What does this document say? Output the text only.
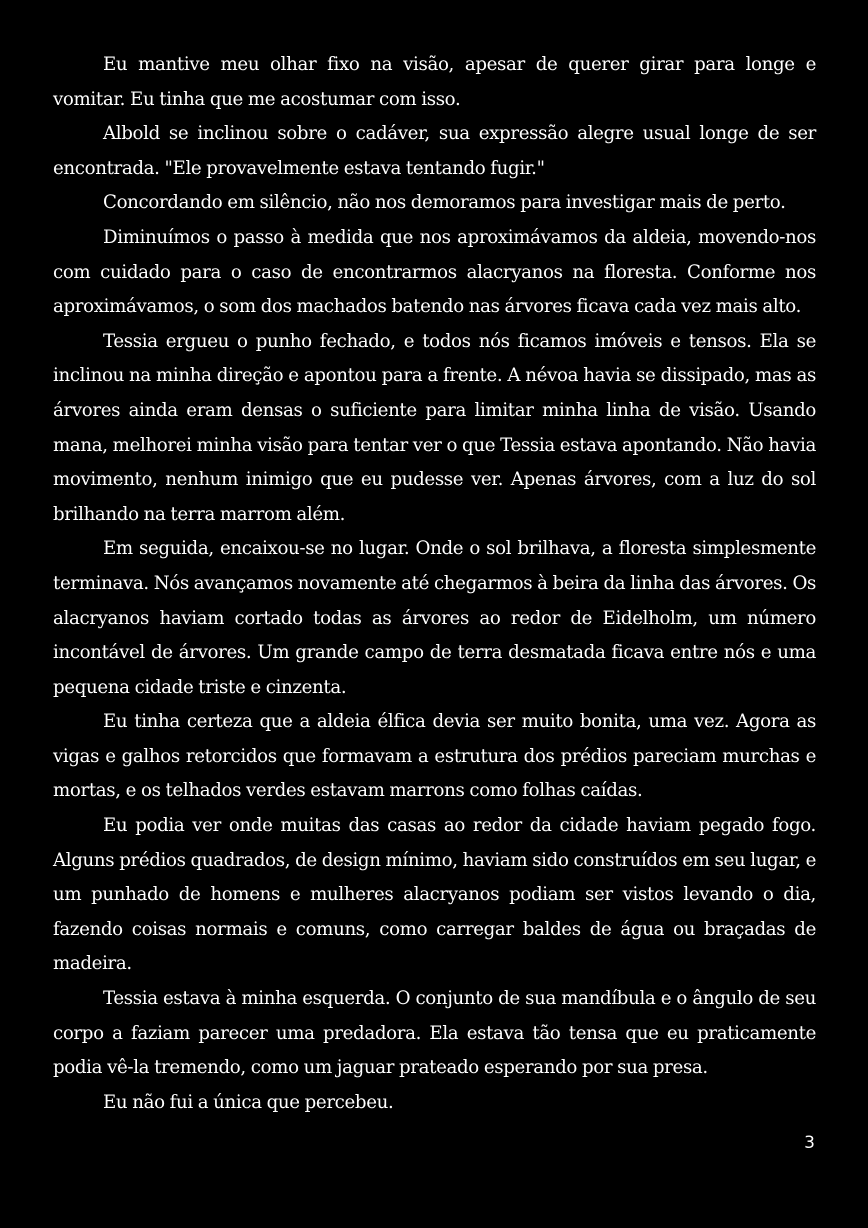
Eu mantive meu olhar fixo na visão, apesar de querer girar para longe e vomitar. Eu tinha que me acostumar com isso.

Albold se inclinou sobre o cadáver, sua expressão alegre usual longe de ser encontrada. "Ele provavelmente estava tentando fugir."

Concordando em silêncio, não nos demoramos para investigar mais de perto.

Diminuímos o passo à medida que nos aproximávamos da aldeia, movendo-nos com cuidado para o caso de encontrarmos alacryanos na floresta. Conforme nos aproximávamos, o som dos machados batendo nas árvores ficava cada vez mais alto.

Tessia ergueu o punho fechado, e todos nós ficamos imóveis e tensos. Ela se inclinou na minha direção e apontou para a frente. A névoa havia se dissipado, mas as árvores ainda eram densas o suficiente para limitar minha linha de visão. Usando mana, melhorei minha visão para tentar ver o que Tessia estava apontando. Não havia movimento, nenhum inimigo que eu pudesse ver. Apenas árvores, com a luz do sol brilhando na terra marrom além.

Em seguida, encaixou-se no lugar. Onde o sol brilhava, a floresta simplesmente terminava. Nós avançamos novamente até chegarmos à beira da linha das árvores. Os alacryanos haviam cortado todas as árvores ao redor de Eidelholm, um número incontável de árvores. Um grande campo de terra desmatada ficava entre nós e uma pequena cidade triste e cinzenta.

Eu tinha certeza que a aldeia élfica devia ser muito bonita, uma vez. Agora as vigas e galhos retorcidos que formavam a estrutura dos prédios pareciam murchas e mortas, e os telhados verdes estavam marrons como folhas caídas.

Eu podia ver onde muitas das casas ao redor da cidade haviam pegado fogo. Alguns prédios quadrados, de design mínimo, haviam sido construídos em seu lugar, e um punhado de homens e mulheres alacryanos podiam ser vistos levando o dia, fazendo coisas normais e comuns, como carregar baldes de água ou braçadas de madeira.

Tessia estava à minha esquerda. O conjunto de sua mandíbula e o ângulo de seu corpo a faziam parecer uma predadora. Ela estava tão tensa que eu praticamente podia vê-la tremendo, como um jaguar prateado esperando por sua presa.

Eu não fui a única que percebeu.

3
